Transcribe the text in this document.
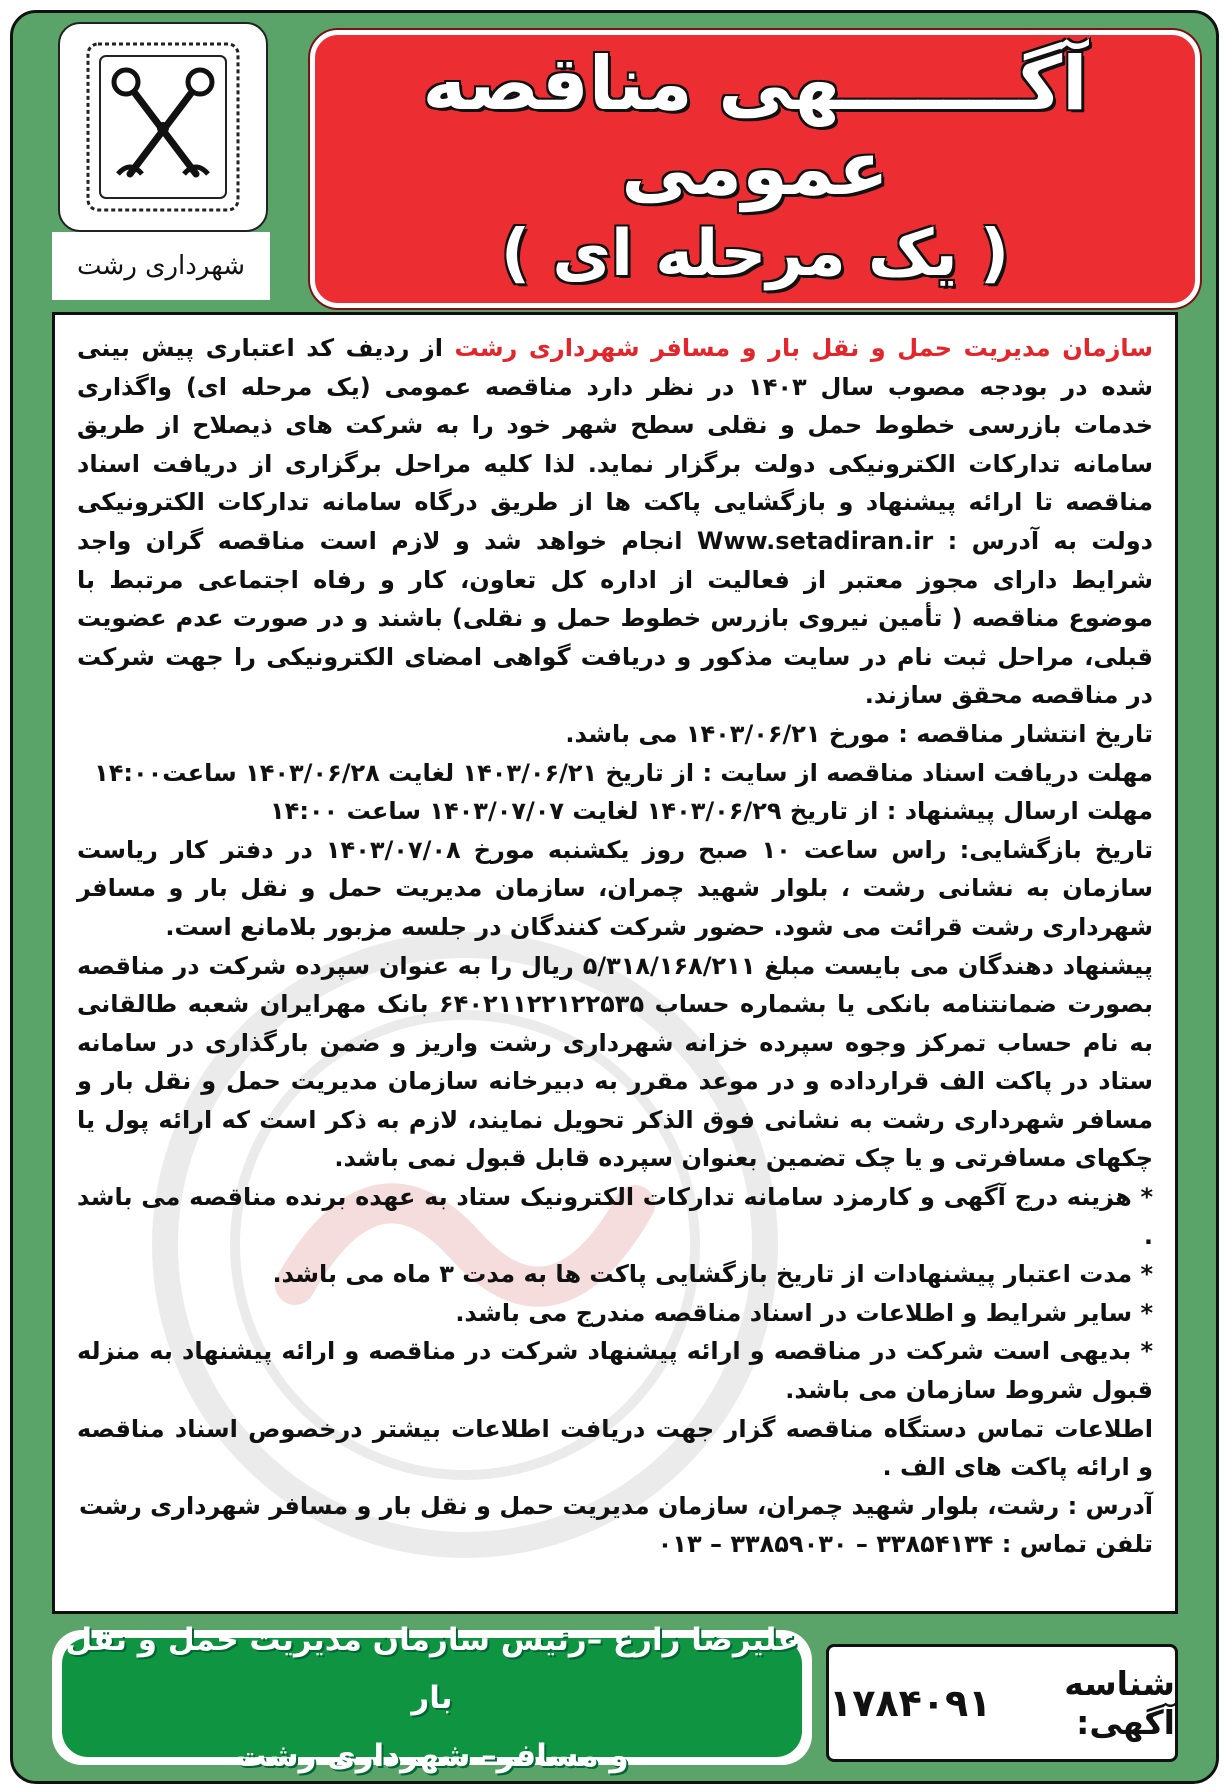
شهرداری رشت
آگـــــــهی مناقصه عمومی
( یک مرحله ای )

سازمان مدیریت حمل و نقل بار و مسافر شهرداری رشت از ردیف کد اعتباری پیش بینی شده در بودجه مصوب سال ۱۴۰۳ در نظر دارد مناقصه عمومی (یک مرحله ای) واگذاری خدمات بازرسی خطوط حمل و نقلی سطح شهر خود را به شرکت های ذیصلاح از طریق سامانه تدارکات الکترونیکی دولت برگزار نماید. لذا کلیه مراحل برگزاری از دریافت اسناد مناقصه تا ارائه پیشنهاد و بازگشایی پاکت ها از طریق درگاه سامانه تدارکات الکترونیکی دولت به آدرس : Www.setadiran.ir انجام خواهد شد و لازم است مناقصه گران واجد شرایط دارای مجوز معتبر از فعالیت از اداره کل تعاون، کار و رفاه اجتماعی مرتبط با موضوع مناقصه ( تأمین نیروی بازرس خطوط حمل و نقلی) باشند و در صورت عدم عضویت قبلی، مراحل ثبت نام در سایت مذکور و دریافت گواهی امضای الکترونیکی را جهت شرکت در مناقصه محقق سازند.

تاریخ انتشار مناقصه : مورخ ۱۴۰۳/۰۶/۲۱ می باشد.

مهلت دریافت اسناد مناقصه از سایت : از تاریخ ۱۴۰۳/۰۶/۲۱ لغایت ۱۴۰۳/۰۶/۲۸ ساعت۱۴:۰۰

مهلت ارسال پیشنهاد : از تاریخ ۱۴۰۳/۰۶/۲۹ لغایت ۱۴۰۳/۰۷/۰۷ ساعت ۱۴:۰۰

تاریخ بازگشایی: راس ساعت ۱۰ صبح روز یکشنبه مورخ ۱۴۰۳/۰۷/۰۸ در دفتر کار ریاست سازمان به نشانی رشت ، بلوار شهید چمران، سازمان مدیریت حمل و نقل بار و مسافر شهرداری رشت قرائت می شود. حضور شرکت کنندگان در جلسه مزبور بلامانع است.

پیشنهاد دهندگان می بایست مبلغ ۵/۳۱۸/۱۶۸/۲۱۱ ریال را به عنوان سپرده شرکت در مناقصه بصورت ضمانتنامه بانکی یا بشماره حساب ۶۴۰۲۱۱۲۲۱۲۲۵۳۵ بانک مهرایران شعبه طالقانی به نام حساب تمرکز وجوه سپرده خزانه شهرداری رشت واریز و ضمن بارگذاری در سامانه ستاد در پاکت الف قرارداده و در موعد مقرر به دبیرخانه سازمان مدیریت حمل و نقل بار و مسافر شهرداری رشت به نشانی فوق الذکر تحویل نمایند، لازم به ذکر است که ارائه پول یا چکهای مسافرتی و یا چک تضمین بعنوان سپرده قابل قبول نمی باشد.

* هزینه درج آگهی و کارمزد سامانه تدارکات الکترونیک ستاد به عهده برنده مناقصه می باشد .

* مدت اعتبار پیشنهادات از تاریخ بازگشایی پاکت ها به مدت ۳ ماه می باشد.

* سایر شرایط و اطلاعات در اسناد مناقصه مندرج می باشد.

* بدیهی است شرکت در مناقصه و ارائه پیشنهاد شرکت در مناقصه و ارائه پیشنهاد به منزله قبول شروط سازمان می باشد.

اطلاعات تماس دستگاه مناقصه گزار جهت دریافت اطلاعات بیشتر درخصوص اسناد مناقصه و ارائه پاکت های الف .

آدرس : رشت، بلوار شهید چمران، سازمان مدیریت حمل و نقل بار و مسافر شهرداری رشت

تلفن تماس : ۳۳۸۵۴۱۳۴ – ۳۳۸۵۹۰۳۰ – ۰۱۳

علیرضا زارع –رئیس سازمان مدیریت حمل و نقل بار
و مسافر– شهرداری رشت
شناسه آگهی:
۱۷۸۴۰۹۱
